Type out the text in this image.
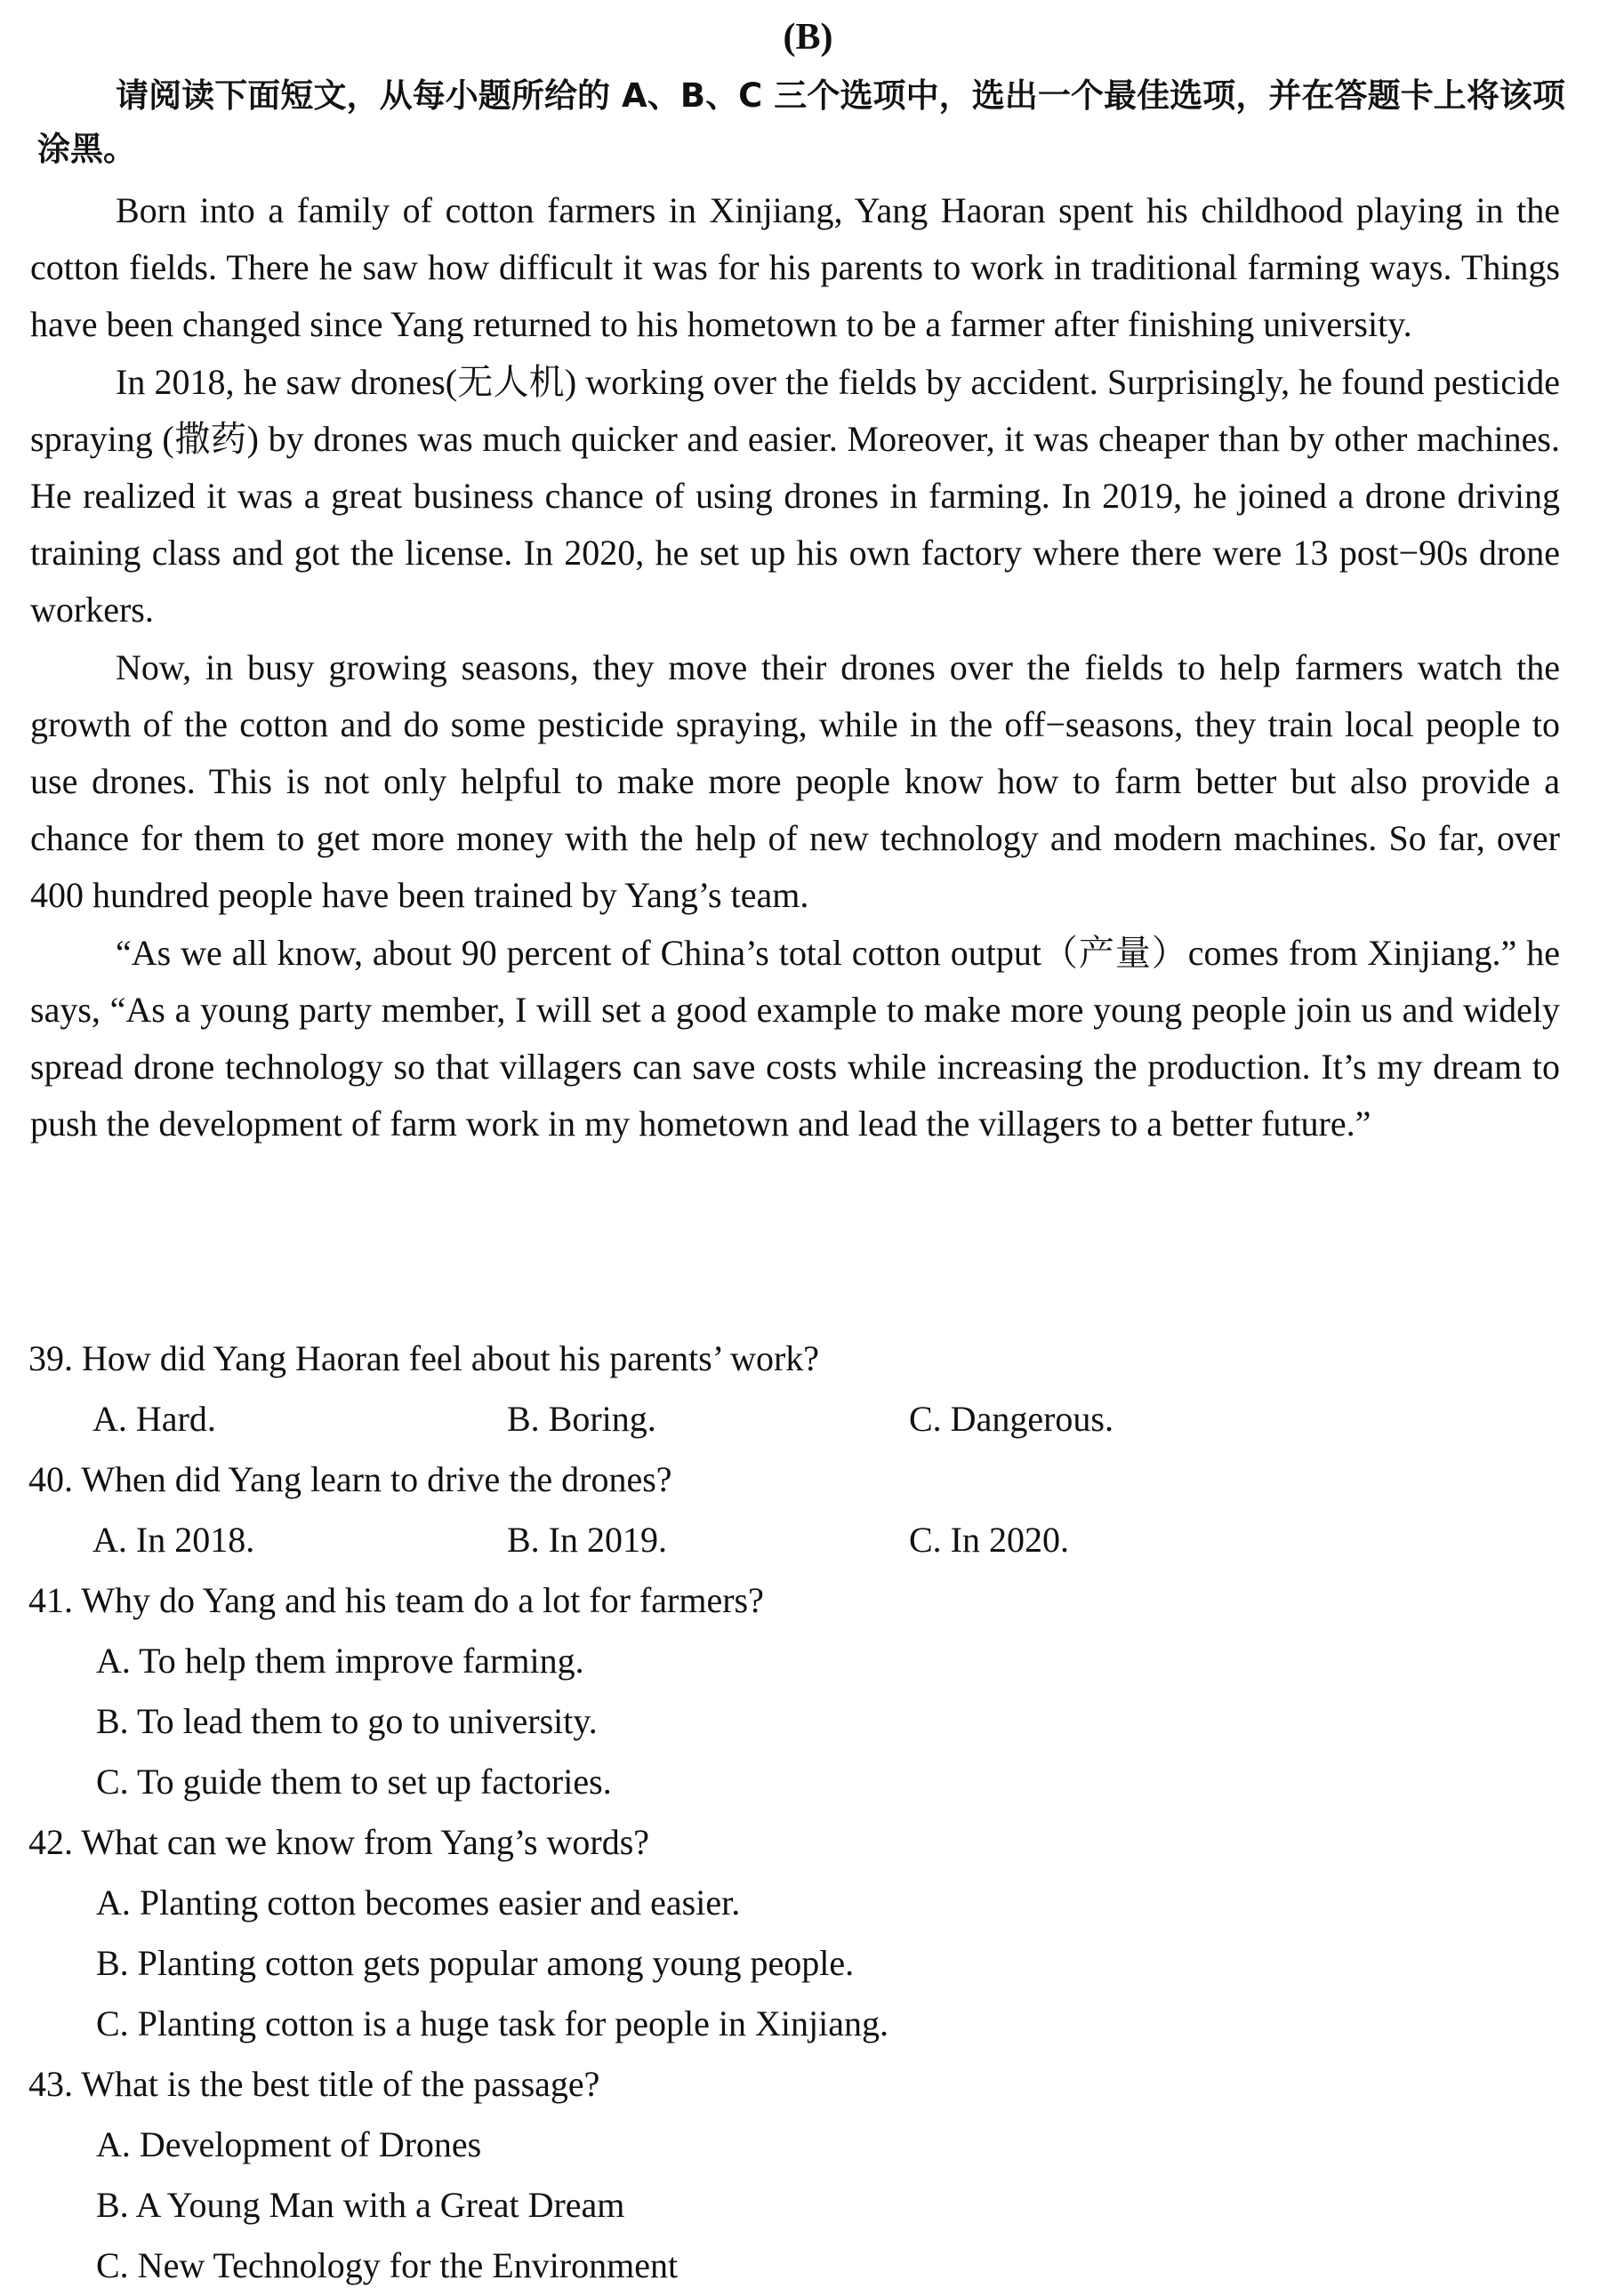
(B)
请阅读下面短文，从每小题所给的 A、B、C 三个选项中，选出一个最佳选项，并在答题卡上将该项涂黑。

Born into a family of cotton farmers in Xinjiang, Yang Haoran spent his childhood playing in the cotton fields. There he saw how difficult it was for his parents to work in traditional farming ways. Things have been changed since Yang returned to his hometown to be a farmer after finishing university.

In 2018, he saw drones(无人机) working over the fields by accident. Surprisingly, he found pesticide spraying (撒药) by drones was much quicker and easier. Moreover, it was cheaper than by other machines. He realized it was a great business chance of using drones in farming. In 2019, he joined a drone driving training class and got the license. In 2020, he set up his own factory where there were 13 post−90s drone workers.

Now, in busy growing seasons, they move their drones over the fields to help farmers watch the growth of the cotton and do some pesticide spraying, while in the off−seasons, they train local people to use drones. This is not only helpful to make more people know how to farm better but also provide a chance for them to get more money with the help of new technology and modern machines. So far, over 400 hundred people have been trained by Yang’s team.

“As we all know, about 90 percent of China’s total cotton output（产量）comes from Xinjiang.” he says, “As a young party member, I will set a good example to make more young people join us and widely spread drone technology so that villagers can save costs while increasing the production. It’s my dream to push the development of farm work in my hometown and lead the villagers to a better future.”

39. How did Yang Haoran feel about his parents’ work?
A. Hard.	B. Boring.	C. Dangerous.
40. When did Yang learn to drive the drones?
A. In 2018.	B. In 2019.	C. In 2020.
41. Why do Yang and his team do a lot for farmers?
A. To help them improve farming.
B. To lead them to go to university.
C. To guide them to set up factories.
42. What can we know from Yang’s words?
A. Planting cotton becomes easier and easier.
B. Planting cotton gets popular among young people.
C. Planting cotton is a huge task for people in Xinjiang.
43. What is the best title of the passage?
A. Development of Drones
B. A Young Man with a Great Dream
C. New Technology for the Environment
